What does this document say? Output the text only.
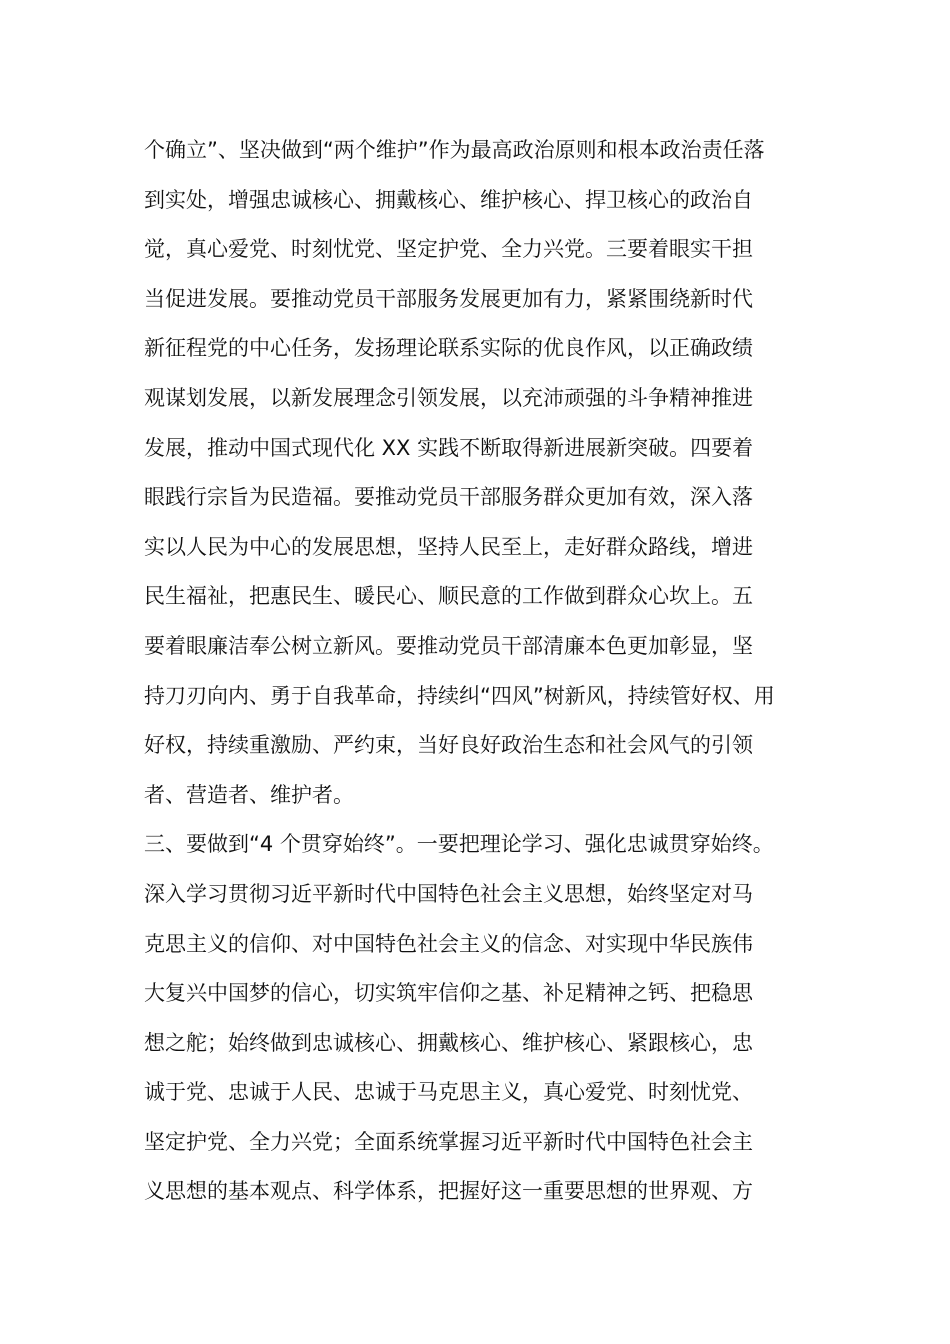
个确立”、坚决做到“两个维护”作为最高政治原则和根本政治责任落
到实处，增强忠诚核心、拥戴核心、维护核心、捍卫核心的政治自
觉，真心爱党、时刻忧党、坚定护党、全力兴党。三要着眼实干担
当促进发展。要推动党员干部服务发展更加有力，紧紧围绕新时代
新征程党的中心任务，发扬理论联系实际的优良作风，以正确政绩
观谋划发展，以新发展理念引领发展，以充沛顽强的斗争精神推进
发展，推动中国式现代化 XX 实践不断取得新进展新突破。四要着
眼践行宗旨为民造福。要推动党员干部服务群众更加有效，深入落
实以人民为中心的发展思想，坚持人民至上，走好群众路线，增进
民生福祉，把惠民生、暖民心、顺民意的工作做到群众心坎上。五
要着眼廉洁奉公树立新风。要推动党员干部清廉本色更加彰显，坚
持刀刃向内、勇于自我革命，持续纠“四风”树新风，持续管好权、用
好权，持续重激励、严约束，当好良好政治生态和社会风气的引领
者、营造者、维护者。
三、要做到“4 个贯穿始终”。一要把理论学习、强化忠诚贯穿始终。
深入学习贯彻习近平新时代中国特色社会主义思想，始终坚定对马
克思主义的信仰、对中国特色社会主义的信念、对实现中华民族伟
大复兴中国梦的信心，切实筑牢信仰之基、补足精神之钙、把稳思
想之舵；始终做到忠诚核心、拥戴核心、维护核心、紧跟核心，忠
诚于党、忠诚于人民、忠诚于马克思主义，真心爱党、时刻忧党、
坚定护党、全力兴党；全面系统掌握习近平新时代中国特色社会主
义思想的基本观点、科学体系，把握好这一重要思想的世界观、方
